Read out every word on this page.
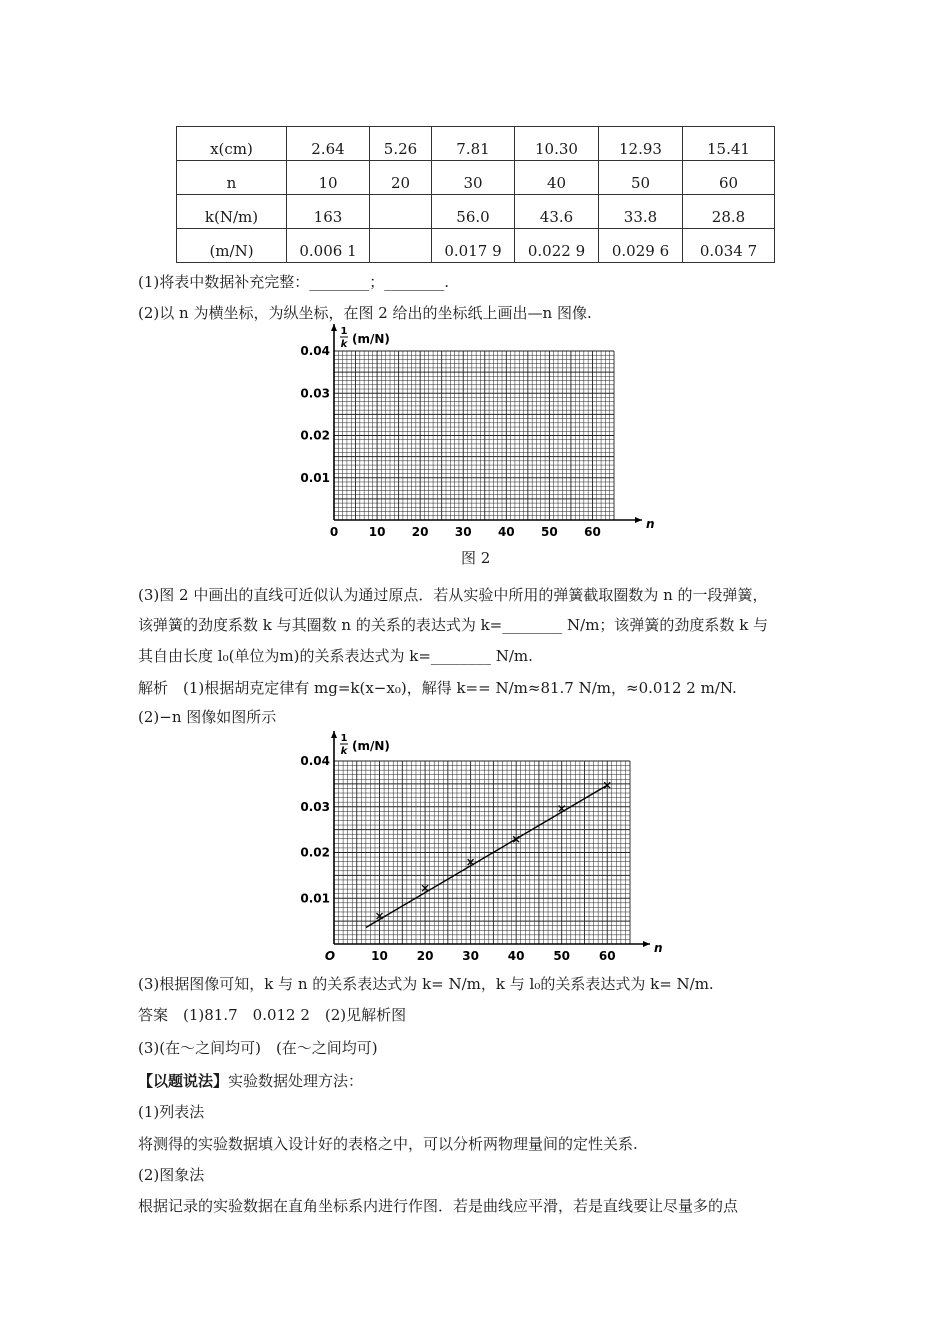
x(cm)	2.64	5.26	7.81	10.30	12.93	15.41
n	10	20	30	40	50	60
k(N/m)	163		56.0	43.6	33.8	28.8
(m/N)	0.006 1		0.017 9	0.022 9	0.029 6	0.034 7
(1)将表中数据补充完整：________；________.
(2)以 n 为横坐标，为纵坐标，在图 2 给出的坐标纸上画出—n 图像.
0.01
0.02
0.03
0.04
0	10 20 30 40 50 60
n
1
k (m/N)
图 2
(3)图 2 中画出的直线可近似认为通过原点．若从实验中所用的弹簧截取圈数为 n 的一段弹簧，
该弹簧的劲度系数 k 与其圈数 n 的关系的表达式为 k=________ N/m；该弹簧的劲度系数 k 与
其自由长度 l₀(单位为m)的关系表达式为 k=________ N/m.
解析　(1)根据胡克定律有 mg=k(x−x₀)，解得 k== N/m≈81.7 N/m，≈0.012 2 m/N.
(2)−n 图像如图所示
0.01
0.02
0.03
0.04
10 20 30 40 50 60
O
n
1
k (m/N)
(3)根据图像可知，k 与 n 的关系表达式为 k= N/m，k 与 l₀的关系表达式为 k= N/m.
答案　(1)81.7　0.012 2　(2)见解析图
(3)(在～之间均可)　(在～之间均可)
【以题说法】实验数据处理方法：
(1)列表法
将测得的实验数据填入设计好的表格之中，可以分析两物理量间的定性关系.
(2)图象法
根据记录的实验数据在直角坐标系内进行作图．若是曲线应平滑，若是直线要让尽量多的点
